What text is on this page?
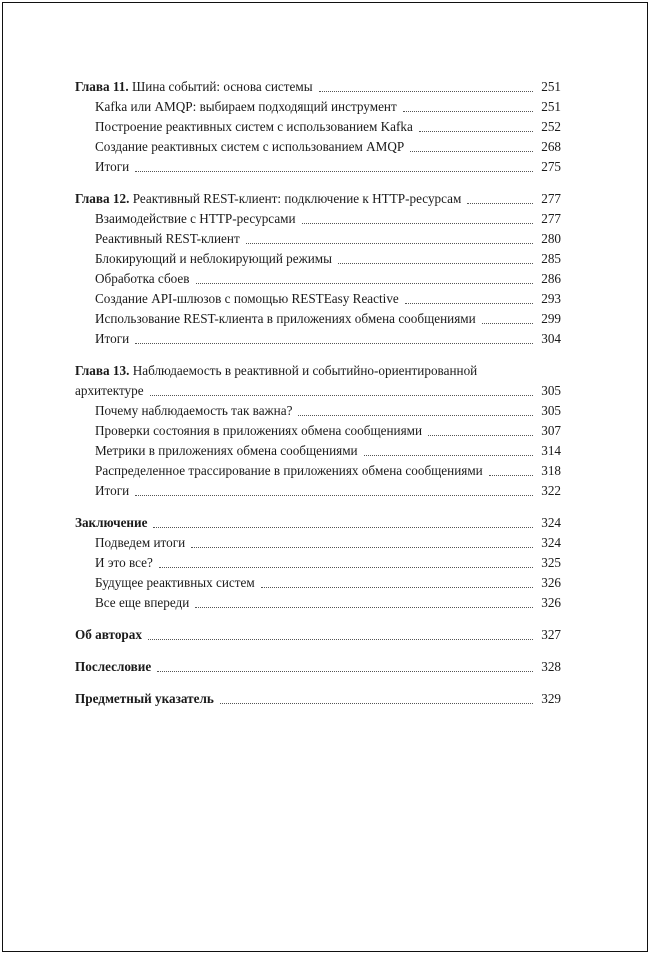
Глава 11. Шина событий: основа системы	251
Kafka или AMQP: выбираем подходящий инструмент	251
Построение реактивных систем с использованием Kafka	252
Создание реактивных систем с использованием AMQP	268
Итоги	275
Глава 12. Реактивный REST-клиент: подключение к HTTP-ресурсам	277
Взаимодействие с HTTP-ресурсами	277
Реактивный REST-клиент	280
Блокирующий и неблокирующий режимы	285
Обработка сбоев	286
Создание API-шлюзов с помощью RESTEasy Reactive	293
Использование REST-клиента в приложениях обмена сообщениями	299
Итоги	304
Глава 13. Наблюдаемость в реактивной и событийно-ориентированной
архитектуре	305
Почему наблюдаемость так важна?	305
Проверки состояния в приложениях обмена сообщениями	307
Метрики в приложениях обмена сообщениями	314
Распределенное трассирование в приложениях обмена сообщениями	318
Итоги	322
Заключение	324
Подведем итоги	324
И это все?	325
Будущее реактивных систем	326
Все еще впереди	326
Об авторах	327
Послесловие	328
Предметный указатель	329
